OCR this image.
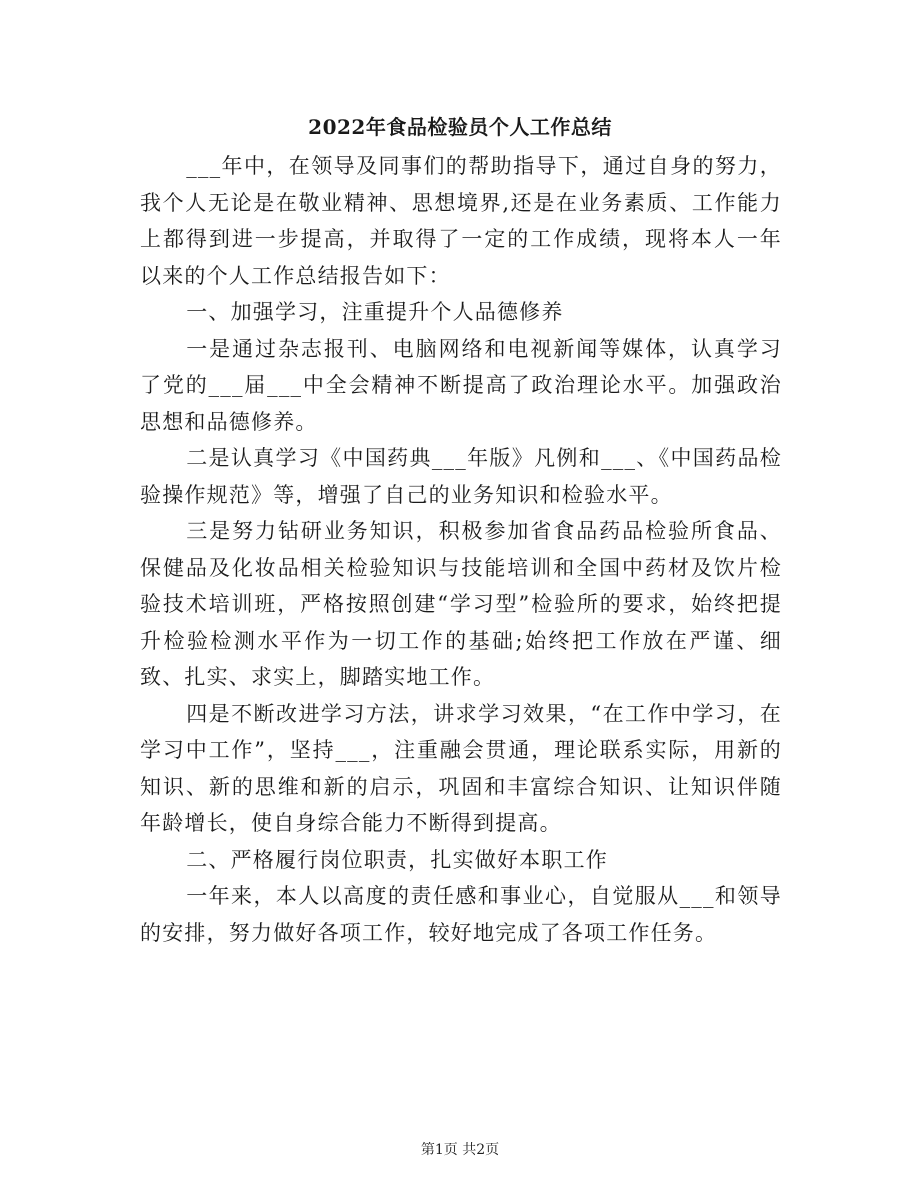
2022年食品检验员个人工作总结

___年中，在领导及同事们的帮助指导下，通过自身的努力，我个人无论是在敬业精神、思想境界,还是在业务素质、工作能力上都得到进一步提高，并取得了一定的工作成绩，现将本人一年以来的个人工作总结报告如下：

一、加强学习，注重提升个人品德修养

一是通过杂志报刊、电脑网络和电视新闻等媒体，认真学习了党的___届___中全会精神不断提高了政治理论水平。加强政治思想和品德修养。

二是认真学习《中国药典___年版》凡例和___、《中国药品检验操作规范》等，增强了自己的业务知识和检验水平。

三是努力钻研业务知识，积极参加省食品药品检验所食品、保健品及化妆品相关检验知识与技能培训和全国中药材及饮片检验技术培训班，严格按照创建“学习型”检验所的要求，始终把提升检验检测水平作为一切工作的基础;始终把工作放在严谨、细致、扎实、求实上，脚踏实地工作。

四是不断改进学习方法，讲求学习效果，“在工作中学习，在学习中工作”，坚持___，注重融会贯通，理论联系实际，用新的知识、新的思维和新的启示，巩固和丰富综合知识、让知识伴随年龄增长，使自身综合能力不断得到提高。

二、严格履行岗位职责，扎实做好本职工作

一年来，本人以高度的责任感和事业心，自觉服从___和领导的安排，努力做好各项工作，较好地完成了各项工作任务。

第1页 共2页
